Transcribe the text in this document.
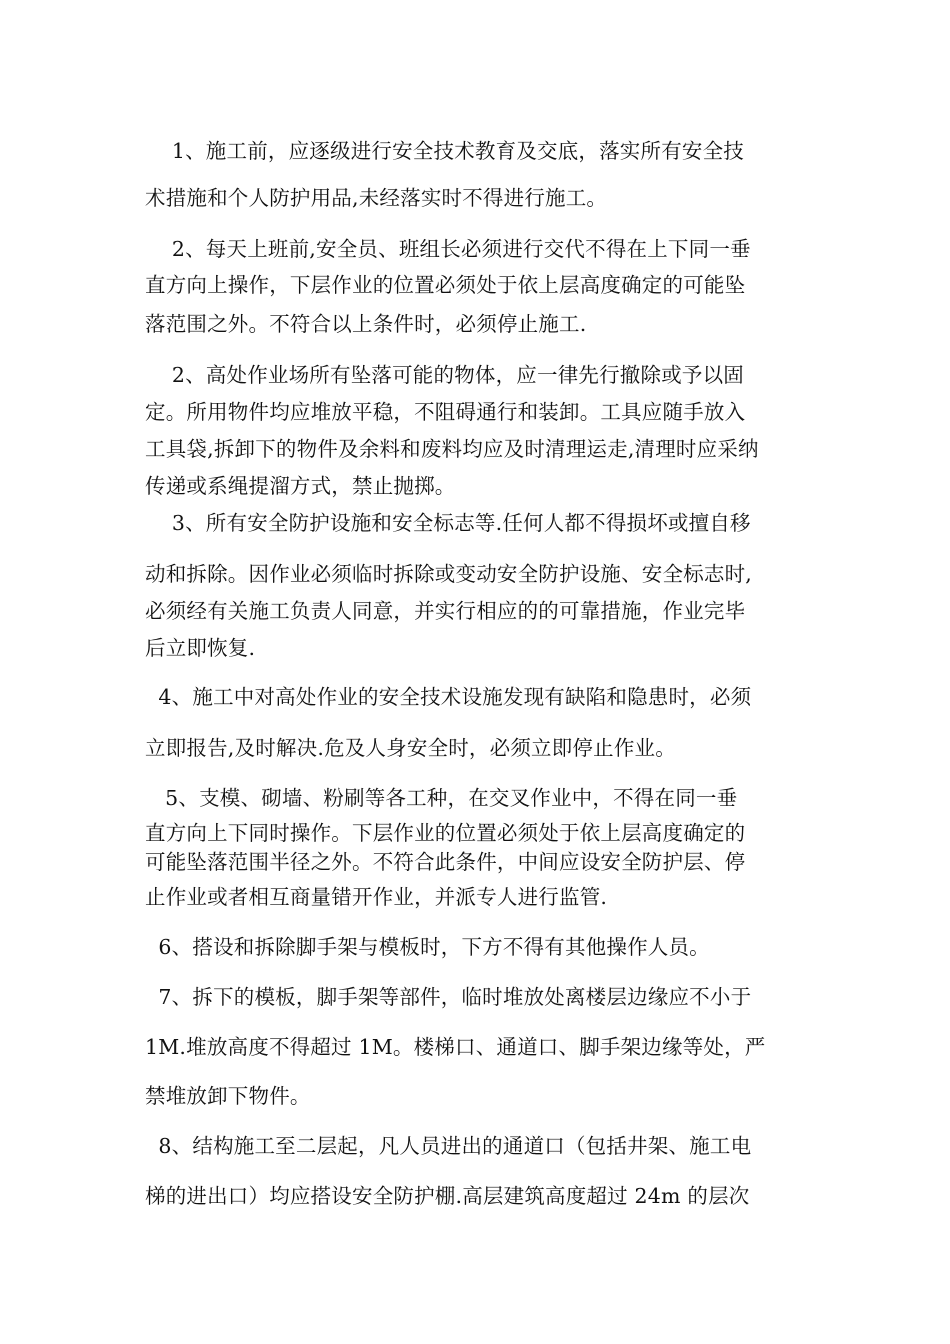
1、施工前，应逐级进行安全技术教育及交底，落实所有安全技
术措施和个人防护用品,未经落实时不得进行施工。
2、每天上班前,安全员、班组长必须进行交代不得在上下同一垂
直方向上操作，下层作业的位置必须处于依上层高度确定的可能坠
落范围之外。不符合以上条件时，必须停止施工.
2、高处作业场所有坠落可能的物体，应一律先行撤除或予以固
定。所用物件均应堆放平稳，不阻碍通行和装卸。工具应随手放入
工具袋,拆卸下的物件及余料和废料均应及时清理运走,清理时应采纳
传递或系绳提溜方式，禁止抛掷。
3、所有安全防护设施和安全标志等.任何人都不得损坏或擅自移
动和拆除。因作业必须临时拆除或变动安全防护设施、安全标志时,
必须经有关施工负责人同意，并实行相应的的可靠措施，作业完毕
后立即恢复.
4、施工中对高处作业的安全技术设施发现有缺陷和隐患时，必须
立即报告,及时解决.危及人身安全时，必须立即停止作业。
5、支模、砌墙、粉刷等各工种，在交叉作业中，不得在同一垂
直方向上下同时操作。下层作业的位置必须处于依上层高度确定的
可能坠落范围半径之外。不符合此条件，中间应设安全防护层、停
止作业或者相互商量错开作业，并派专人进行监管.
6、搭设和拆除脚手架与模板时，下方不得有其他操作人员。
7、拆下的模板，脚手架等部件，临时堆放处离楼层边缘应不小于
1M.堆放高度不得超过 1M。楼梯口、通道口、脚手架边缘等处，严
禁堆放卸下物件。
8、结构施工至二层起，凡人员进出的通道口（包括井架、施工电
梯的进出口）均应搭设安全防护棚.高层建筑高度超过 24m 的层次
